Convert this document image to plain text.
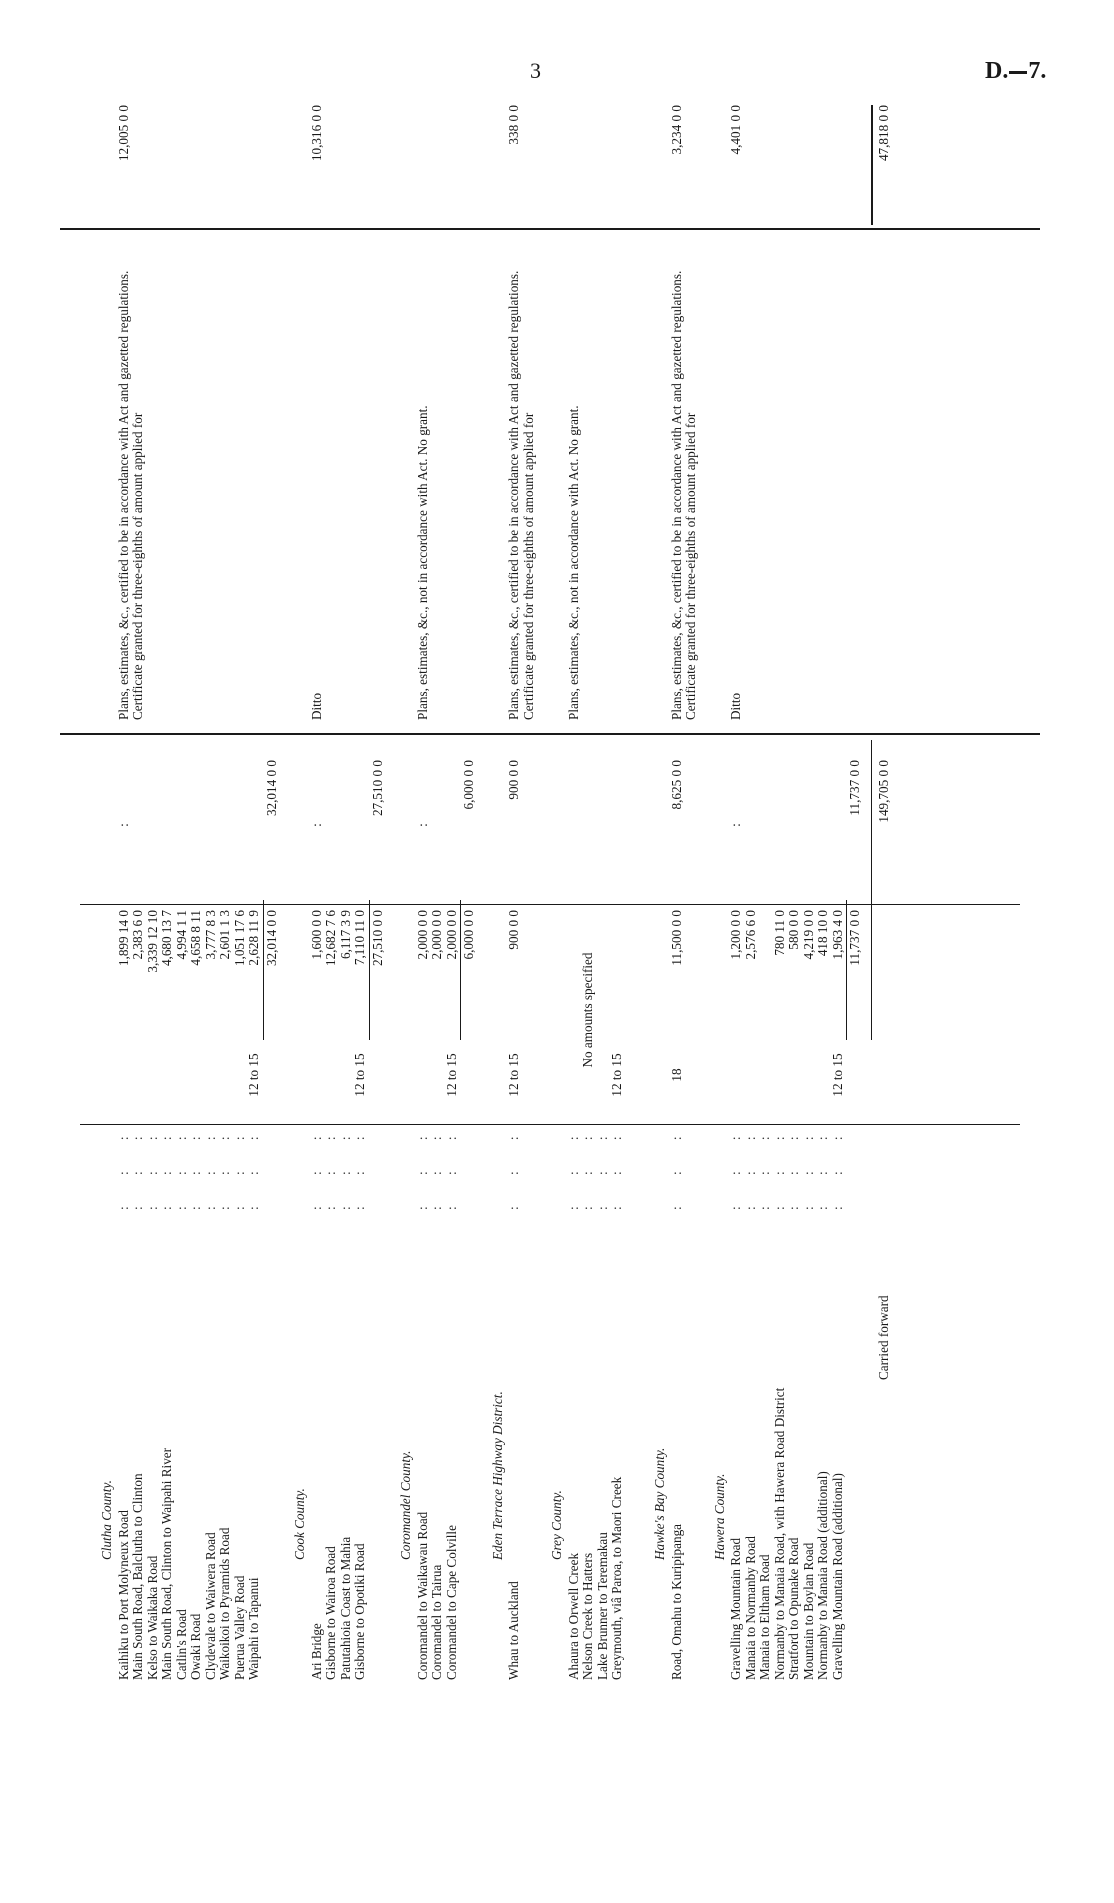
3	D. 7.
Clutha County. Kaihiku to Port Molyneux Road
: : :
1,899 14 0
Main South Road, Balclutha to Clinton
: : :
2,383 6 0
Kelso to Waikaka Road
: : :
3,339 12 10
Main South Road, Clinton to Waipahi River
: : :
4,680 13 7
Catlin's Road
: : :
4,994 1 1
Owaki Road
: : :
4,658 8 11
Clydevale to Waiwera Road
: : :
3,777 8 3
Waikoikoi to Pyramids Road
: : :
2,601 1 3
Puerua Valley Road
: : :
1,051 17 6
Waipahi to Tapanui
: : :
2,628 11 9
12 to 15
32,014 0 0
:
32,014 0 0
Plans, estimates, &c., certified to be in accordance with Act and gazetted regulations. Certificate granted for three-eighths of amount applied for
12,005 0 0
Cook County.
Ari Bridge
: : :
1,600 0 0
Gisborne to Wairoa Road
: : :
12,682 7 6
Patutahioia Coast to Mahia
: : :
6,117 3 9
Gisborne to Opotiki Road
: : :
7,110 11 0
12 to 15
27,510 0 0
:
27,510 0 0
Ditto
10,316 0 0
Coromandel County.
Coromandel to Waikawau Road
: : :
2,000 0 0
Coromandel to Tairua
: : :
2,000 0 0
Coromandel to Cape Colville
: : :
2,000 0 0
12 to 15
6,000 0 0
:
6,000 0 0
Plans, estimates, &c., not in accordance with Act. No grant.
Eden Terrace Highway District.
Whau to Auckland
: : :
900 0 0
12 to 15
900 0 0
Plans, estimates, &c., certified to be in accordance with Act and gazetted regulations. Certificate granted for three-eighths of amount applied for
338 0 0
Grey County.
Ahaura to Orwell Creek
: : :
Nelson Creek to Hatters
: : :
Lake Brunner to Teremakau
: : :
Greymouth, viâ Paroa, to Maori Creek
: : :
12 to 15
No amounts specified
Plans, estimates, &c., not in accordance with Act. No grant.
Hawke's Bay County.
Road, Omahu to Kuripipanga
: : :
11,500 0 0
18
8,625 0 0
Plans, estimates, &c., certified to be in accordance with Act and gazetted regulations. Certificate granted for three-eighths of amount applied for
3,234 0 0
Hawera County.
Gravelling Mountain Road
: : :
1,200 0 0
Manaia to Normanby Road
: : :
2,576 6 0
Manaia to Eltham Road
: : :
Normanby to Manaia Road, with Hawera Road District
: : :
780 11 0
Stratford to Opunake Road
: : :
580 0 0
Mountain to Boylan Road
: : :
4,219 0 0
Normanby to Manaia Road (additional)
: : :
418 10 0
Gravelling Mountain Road (additional)
: : :
1,963 4 0
12 to 15
11,737 0 0
:
11,737 0 0
Ditto
4,401 0 0
Carried forward
149,705 0 0
47,818 0 0
